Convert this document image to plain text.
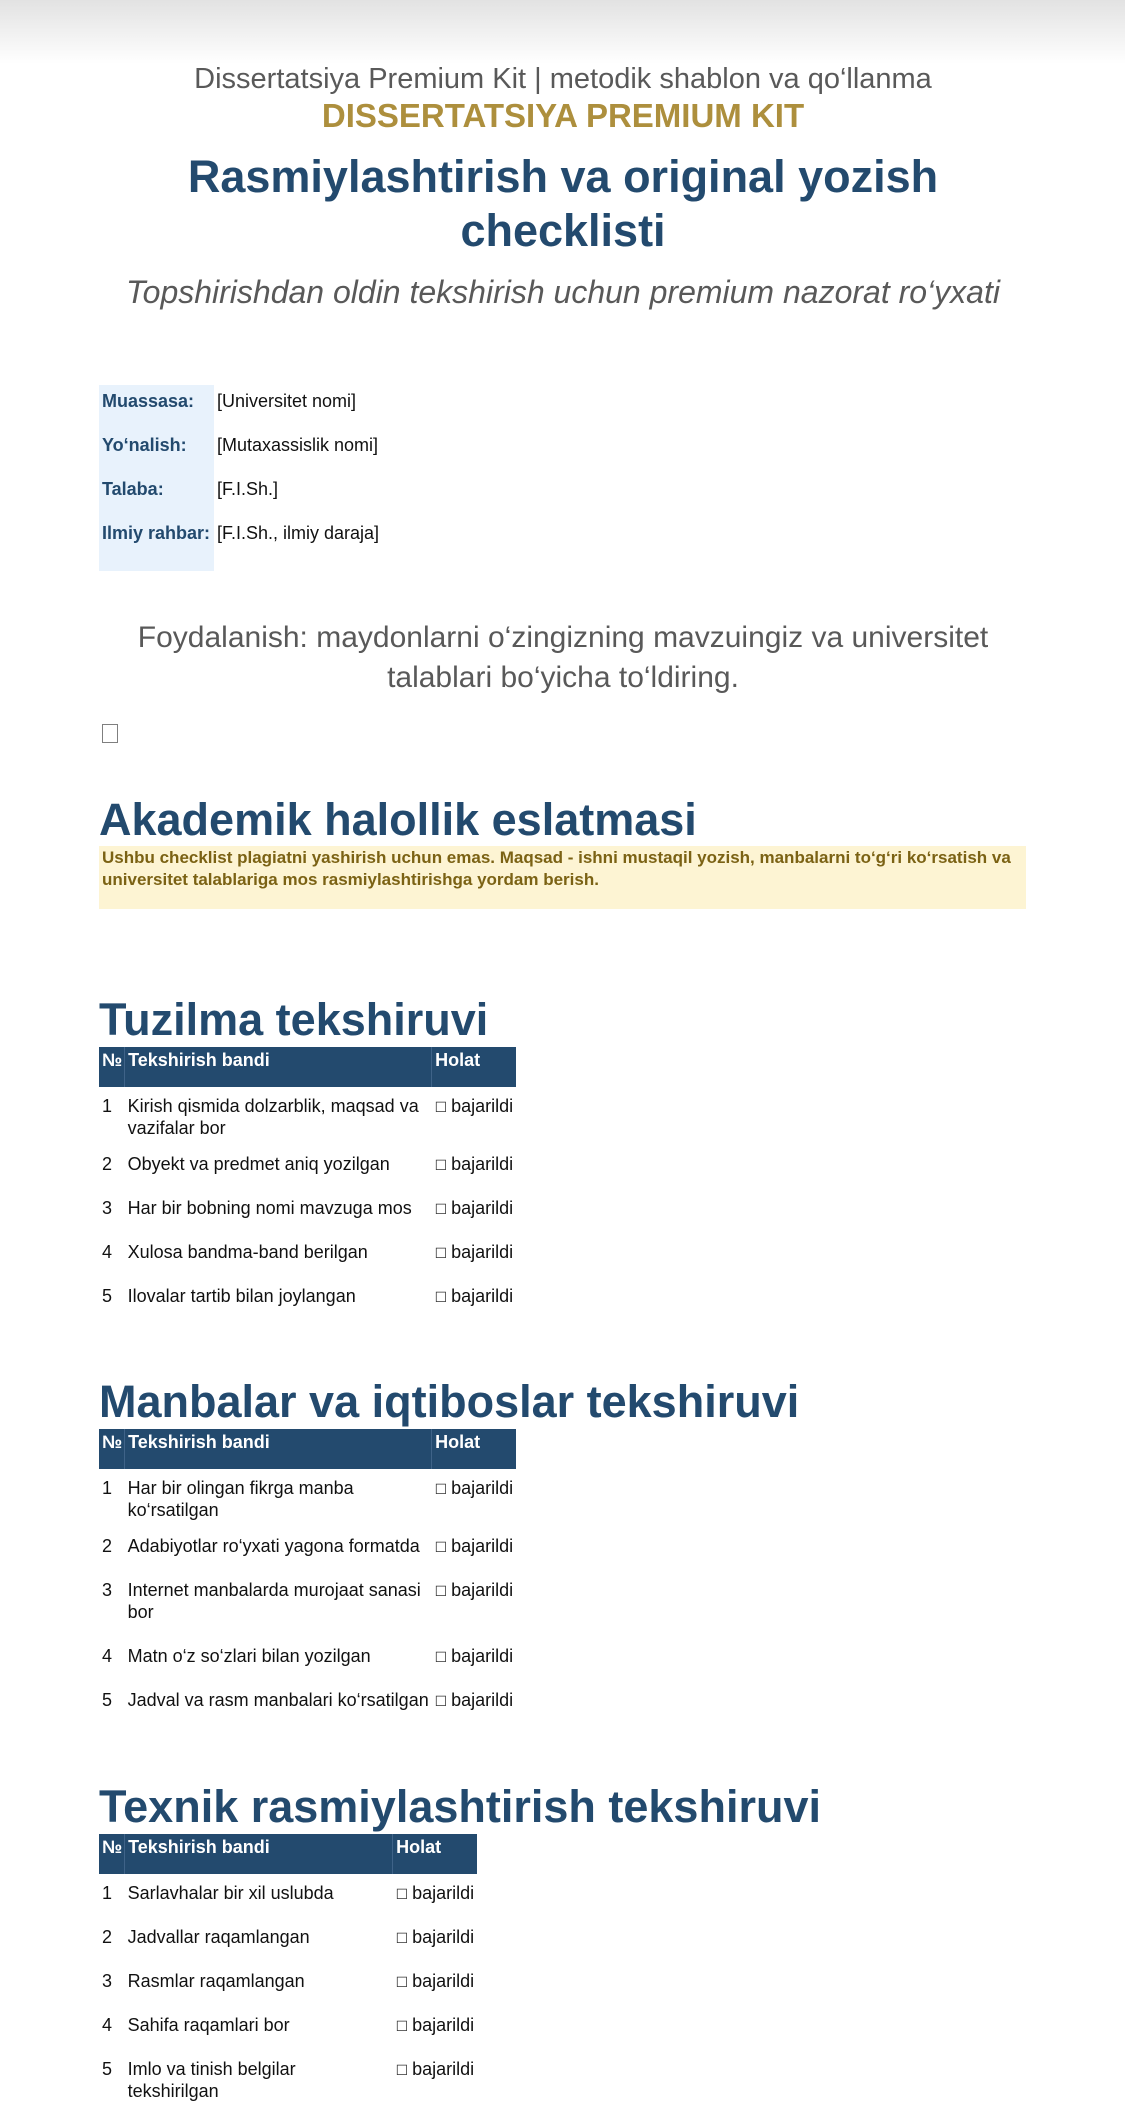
Dissertatsiya Premium Kit | metodik shablon va qo‘llanma
DISSERTATSIYA PREMIUM KIT
Rasmiylashtirish va original yozish checklisti
Topshirishdan oldin tekshirish uchun premium nazorat ro‘yxati
Muassasa:	[Universitet nomi]
Yo‘nalish:	[Mutaxassislik nomi]
Talaba:	[F.I.Sh.]
Ilmiy rahbar:	[F.I.Sh., ilmiy daraja]
Foydalanish: maydonlarni o‘zingizning mavzuingiz va universitet talablari bo‘yicha to‘ldiring.
Akademik halollik eslatmasi
Ushbu checklist plagiatni yashirish uchun emas. Maqsad - ishni mustaqil yozish, manbalarni to‘g‘ri ko‘rsatish va universitet talablariga mos rasmiylashtirishga yordam berish.
Tuzilma tekshiruvi
№	Tekshirish bandi	Holat
1	Kirish qismida dolzarblik, maqsad va vazifalar bor	☐ bajarildi
2	Obyekt va predmet aniq yozilgan	☐ bajarildi
3	Har bir bobning nomi mavzuga mos	☐ bajarildi
4	Xulosa bandma-band berilgan	☐ bajarildi
5	Ilovalar tartib bilan joylangan	☐ bajarildi
Manbalar va iqtiboslar tekshiruvi
№	Tekshirish bandi	Holat
1	Har bir olingan fikrga manba ko‘rsatilgan	☐ bajarildi
2	Adabiyotlar ro‘yxati yagona formatda	☐ bajarildi
3	Internet manbalarda murojaat sanasi bor	☐ bajarildi
4	Matn o‘z so‘zlari bilan yozilgan	☐ bajarildi
5	Jadval va rasm manbalari ko‘rsatilgan	☐ bajarildi
Texnik rasmiylashtirish tekshiruvi
№	Tekshirish bandi	Holat
1	Sarlavhalar bir xil uslubda	☐ bajarildi
2	Jadvallar raqamlangan	☐ bajarildi
3	Rasmlar raqamlangan	☐ bajarildi
4	Sahifa raqamlari bor	☐ bajarildi
5	Imlo va tinish belgilar tekshirilgan	☐ bajarildi
